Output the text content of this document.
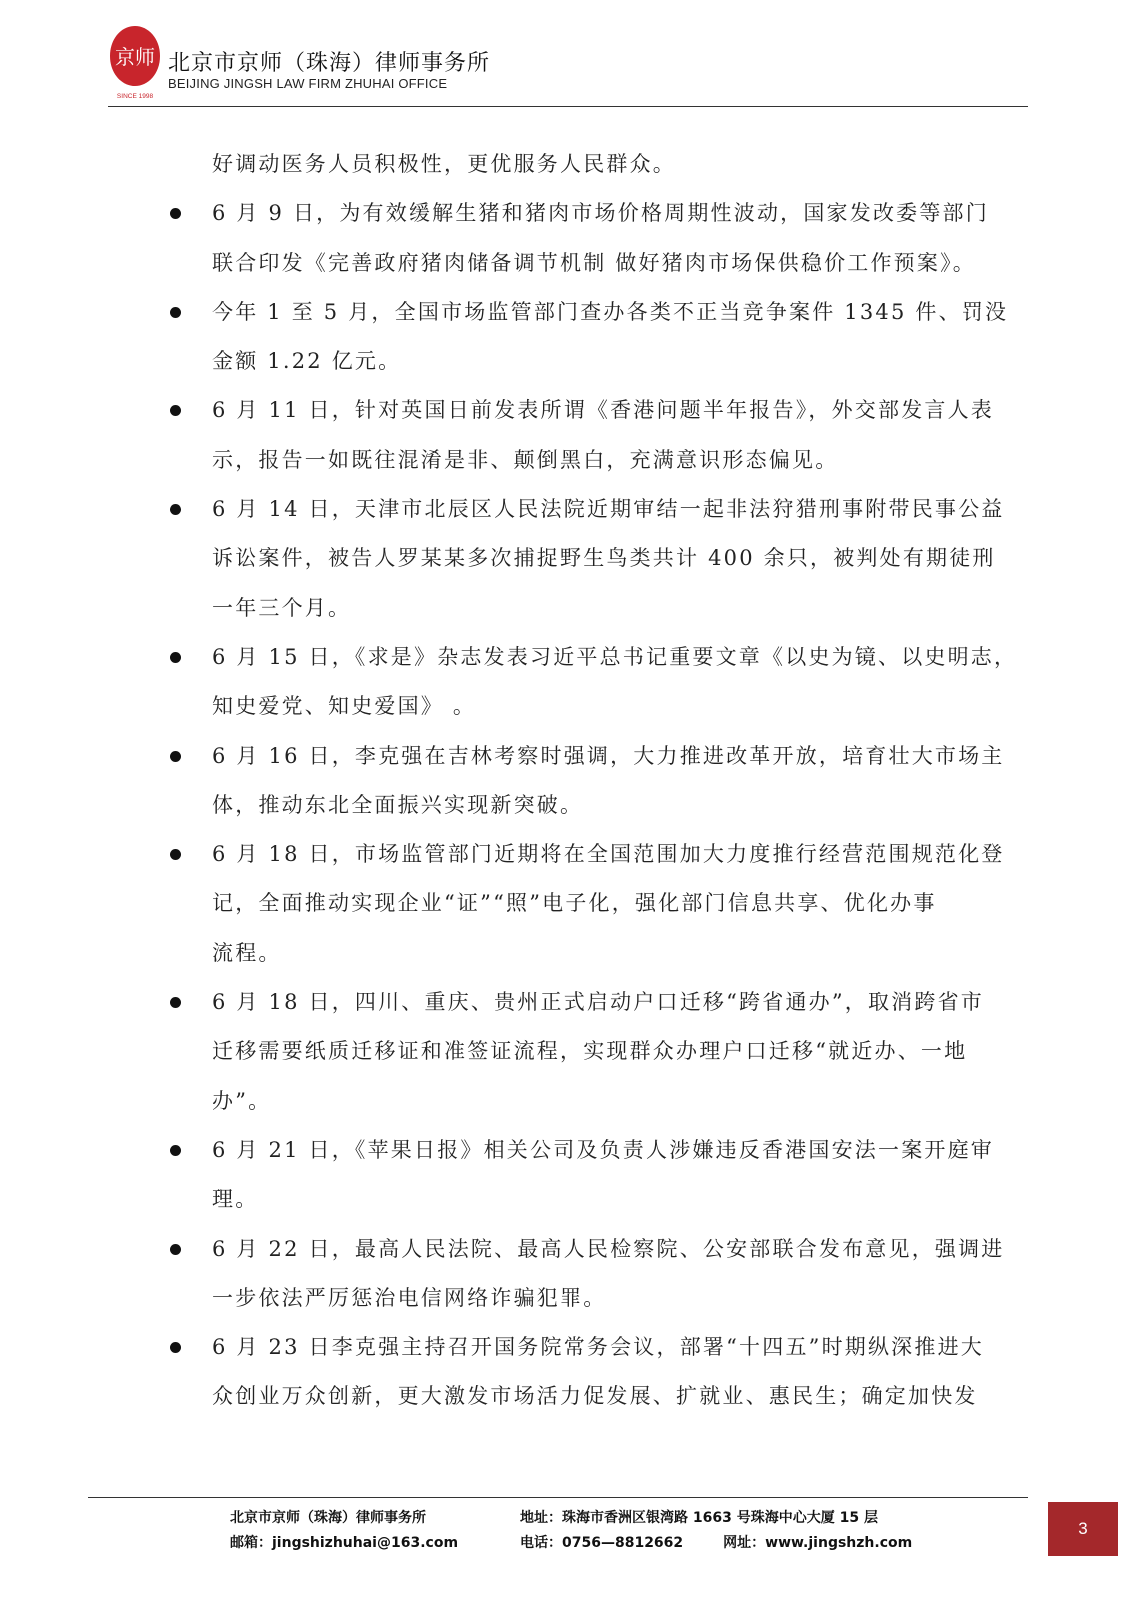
京师
SINCE 1998
北京市京师（珠海）律师事务所
BEIJING JINGSH LAW FIRM ZHUHAI OFFICE
好调动医务人员积极性，更优服务人民群众。
6 月 9 日，为有效缓解生猪和猪肉市场价格周期性波动，国家发改委等部门
联合印发《完善政府猪肉储备调节机制 做好猪肉市场保供稳价工作预案》。
今年 1 至 5 月，全国市场监管部门查办各类不正当竞争案件 1345 件、罚没
金额 1.22 亿元。
6 月 11 日，针对英国日前发表所谓《香港问题半年报告》，外交部发言人表
示，报告一如既往混淆是非、颠倒黑白，充满意识形态偏见。
6 月 14 日，天津市北辰区人民法院近期审结一起非法狩猎刑事附带民事公益
诉讼案件，被告人罗某某多次捕捉野生鸟类共计 400 余只，被判处有期徒刑
一年三个月。
6 月 15 日，《求是》杂志发表习近平总书记重要文章《以史为镜、以史明志，
知史爱党、知史爱国》 。
6 月 16 日，李克强在吉林考察时强调，大力推进改革开放，培育壮大市场主
体，推动东北全面振兴实现新突破。
6 月 18 日，市场监管部门近期将在全国范围加大力度推行经营范围规范化登
记，全面推动实现企业“证”“照”电子化，强化部门信息共享、优化办事
流程。
6 月 18 日，四川、重庆、贵州正式启动户口迁移“跨省通办”，取消跨省市
迁移需要纸质迁移证和准签证流程，实现群众办理户口迁移“就近办、一地
办”。
6 月 21 日，《苹果日报》相关公司及负责人涉嫌违反香港国安法一案开庭审
理。
6 月 22 日，最高人民法院、最高人民检察院、公安部联合发布意见，强调进
一步依法严厉惩治电信网络诈骗犯罪。
6 月 23 日李克强主持召开国务院常务会议，部署“十四五”时期纵深推进大
众创业万众创新，更大激发市场活力促发展、扩就业、惠民生；确定加快发
北京市京师（珠海）律师事务所	地址：珠海市香洲区银湾路 1663 号珠海中心大厦 15 层
邮箱：jingshizhuhai@163.com	电话：0756—8812662	网址：www.jingshzh.com
3
